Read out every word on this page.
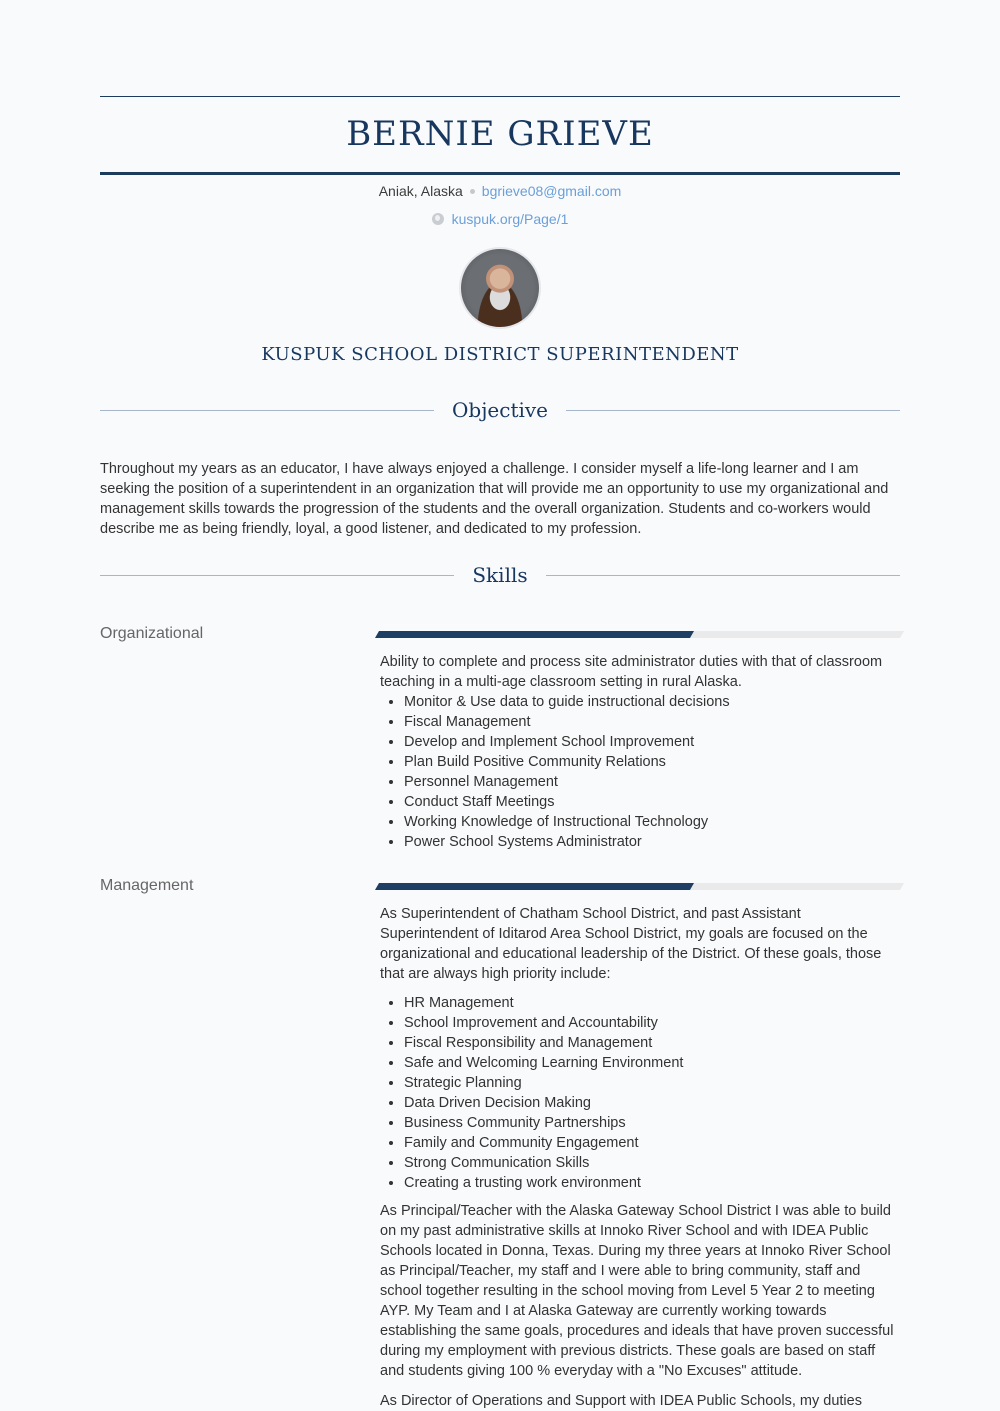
BERNIE GRIEVE
Aniak, Alaska bgrieve08@gmail.com
kuspuk.org/Page/1
KUSPUK SCHOOL DISTRICT SUPERINTENDENT
Objective
Throughout my years as an educator, I have always enjoyed a challenge. I consider myself a life-long learner and I am seeking the position of a superintendent in an organization that will provide me an opportunity to use my organizational and management skills towards the progression of the students and the overall organization. Students and co-workers would describe me as being friendly, loyal, a good listener, and dedicated to my profession.
Skills
Organizational

Ability to complete and process site administrator duties with that of classroom teaching in a multi-age classroom setting in rural Alaska.

• Monitor & Use data to guide instructional decisions
• Fiscal Management
• Develop and Implement School Improvement
• Plan Build Positive Community Relations
• Personnel Management
• Conduct Staff Meetings
• Working Knowledge of Instructional Technology
• Power School Systems Administrator
Management

As Superintendent of Chatham School District, and past Assistant Superintendent of Iditarod Area School District, my goals are focused on the organizational and educational leadership of the District. Of these goals, those that are always high priority include:

• HR Management
• School Improvement and Accountability
• Fiscal Responsibility and Management
• Safe and Welcoming Learning Environment
• Strategic Planning
• Data Driven Decision Making
• Business Community Partnerships
• Family and Community Engagement
• Strong Communication Skills
• Creating a trusting work environment

As Principal/Teacher with the Alaska Gateway School District I was able to build on my past administrative skills at Innoko River School and with IDEA Public Schools located in Donna, Texas. During my three years at Innoko River School as Principal/Teacher, my staff and I were able to bring community, staff and school together resulting in the school moving from Level 5 Year 2 to meeting AYP. My Team and I at Alaska Gateway are currently working towards establishing the same goals, procedures and ideals that have proven successful during my employment with previous districts. These goals are based on staff and students giving 100 % everyday with a "No Excuses" attitude.

As Director of Operations and Support with IDEA Public Schools, my duties
